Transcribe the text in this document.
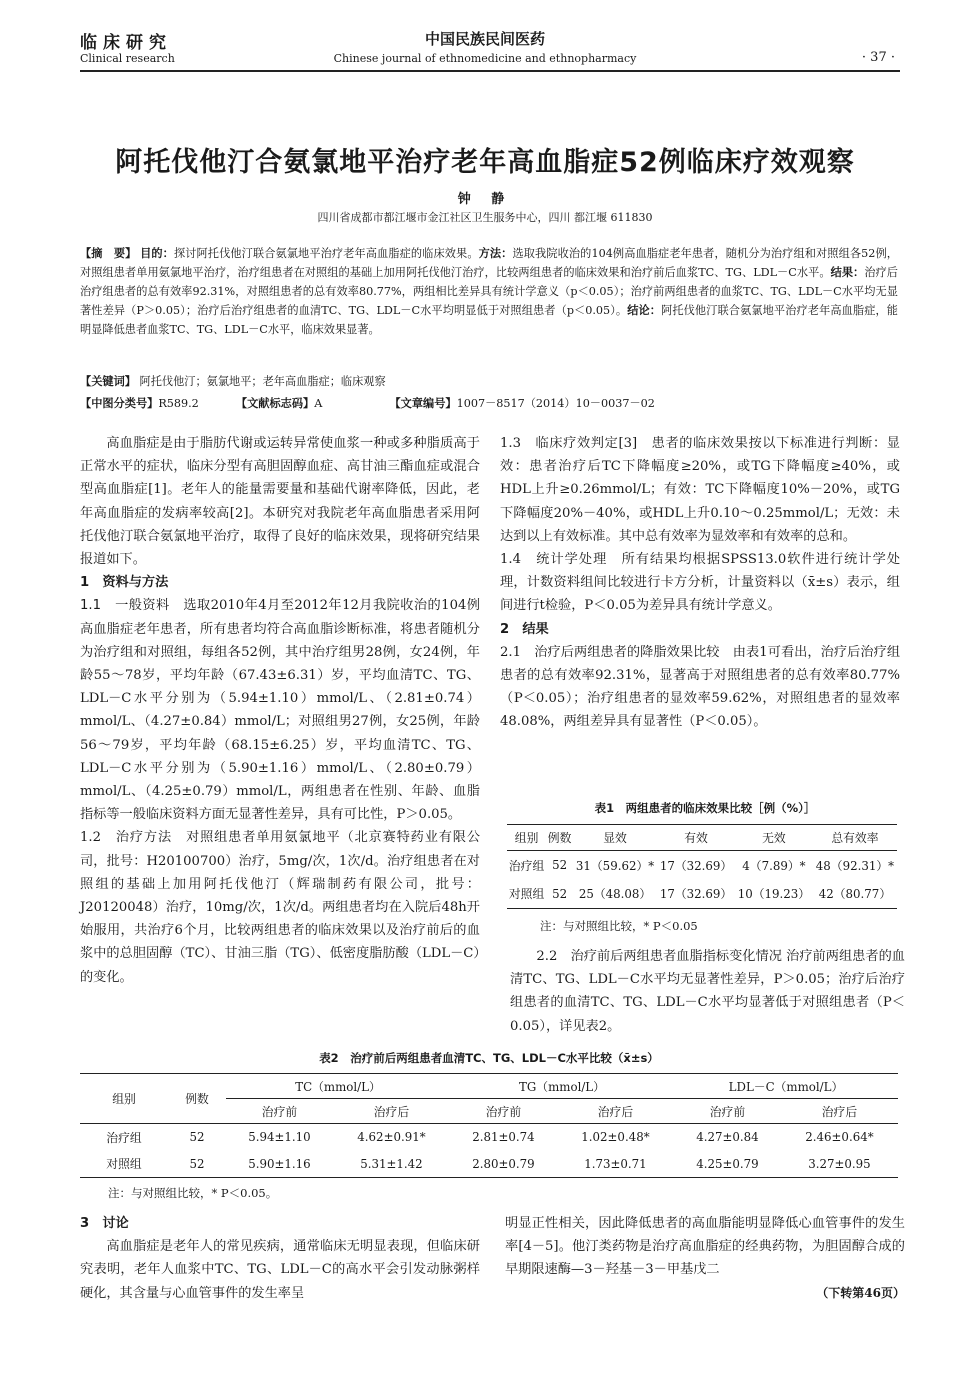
临床研究
Clinical research
中国民族民间医药
Chinese journal of ethnomedicine and ethnopharmacy	· 37 ·
阿托伐他汀合氨氯地平治疗老年高血脂症52例临床疗效观察
钟 静
四川省成都市都江堰市金江社区卫生服务中心，四川 都江堰 611830
【摘　要】 目的：探讨阿托伐他汀联合氨氯地平治疗老年高血脂症的临床效果。方法：选取我院收治的104例高血脂症老年患者，随机分为治疗组和对照组各52例，对照组患者单用氨氯地平治疗，治疗组患者在对照组的基础上加用阿托伐他汀治疗，比较两组患者的临床效果和治疗前后血浆TC、TG、LDL－C水平。结果：治疗后治疗组患者的总有效率92.31%，对照组患者的总有效率80.77%，两组相比差异具有统计学意义（p＜0.05）；治疗前两组患者的血浆TC、TG、LDL－C水平均无显著性差异（P＞0.05）；治疗后治疗组患者的血清TC、TG、LDL－C水平均明显低于对照组患者（p＜0.05）。结论：阿托伐他汀联合氨氯地平治疗老年高血脂症，能明显降低患者血浆TC、TG、LDL－C水平，临床效果显著。
【关键词】 阿托伐他汀；氨氯地平；老年高血脂症；临床观察
【中图分类号】R589.2	【文献标志码】A	【文章编号】1007－8517（2014）10－0037－02

高血脂症是由于脂肪代谢或运转异常使血浆一种或多种脂质高于正常水平的症状，临床分型有高胆固醇血症、高甘油三酯血症或混合型高血脂症[1]。老年人的能量需要量和基础代谢率降低，因此，老年高血脂症的发病率较高[2]。本研究对我院老年高血脂患者采用阿托伐他汀联合氨氯地平治疗，取得了良好的临床效果，现将研究结果报道如下。

1　资料与方法

1.1　一般资料　 选取2010年4月至2012年12月我院收治的104例高血脂症老年患者，所有患者均符合高血脂诊断标准，将患者随机分为治疗组和对照组，每组各52例，其中治疗组男28例，女24例，年龄55～78岁，平均年龄（67.43±6.31）岁，平均血清TC、TG、LDL－C水平分别为（5.94±1.10）mmol/L、（2.81±0.74）mmol/L、（4.27±0.84）mmol/L；对照组男27例，女25例，年龄56～79岁，平均年龄（68.15±6.25）岁，平均血清TC、TG、LDL－C水平分别为（5.90±1.16）mmol/L、（2.80±0.79）mmol/L、（4.25±0.79）mmol/L，两组患者在性别、年龄、血脂指标等一般临床资料方面无显著性差异，具有可比性，P＞0.05。

1.2　治疗方法　 对照组患者单用氨氯地平（北京赛特药业有限公司，批号：H20100700）治疗，5mg/次，1次/d。治疗组患者在对照组的基础上加用阿托伐他汀（辉瑞制药有限公司，批号：J20120048）治疗，10mg/次，1次/d。两组患者均在入院后48h开始服用，共治疗6个月，比较两组患者的临床效果以及治疗前后的血浆中的总胆固醇（TC）、甘油三脂（TG）、低密度脂肪酸（LDL－C）的变化。

1.3　临床疗效判定[3]　 患者的临床效果按以下标准进行判断：显效：患者治疗后TC下降幅度≥20%，或TG下降幅度≥40%，或HDL上升≥0.26mmol/L；有效：TC下降幅度10%－20%，或TG下降幅度20%－40%，或HDL上升0.10～0.25mmol/L；无效：未达到以上有效标准。其中总有效率为显效率和有效率的总和。

1.4　统计学处理　 所有结果均根据SPSS13.0软件进行统计学处理，计数资料组间比较进行卡方分析，计量资料以（x̄±s）表示，组间进行t检验，P＜0.05为差异具有统计学意义。

2　结果

2.1　治疗后两组患者的降脂效果比较　 由表1可看出，治疗后治疗组患者的总有效率92.31%，显著高于对照组患者的总有效率80.77%（P＜0.05）；治疗组患者的显效率59.62%，对照组患者的显效率48.08%，两组差异具有显著性（P＜0.05）。

表1　两组患者的临床效果比较［例（%）］
组别	例数	显效	有效	无效	总有效率
治疗组	52	31（59.62）*	17（32.69）	4（7.89）*	48（92.31）*
对照组	52	25（48.08）	17（32.69）	10（19.23）	42（80.77）
注：与对照组比较，* P＜0.05

2.2　治疗前后两组患者血脂指标变化情况 治疗前两组患者的血清TC、TG、LDL－C水平均无显著性差异，P＞0.05；治疗后治疗组患者的血清TC、TG、LDL－C水平均显著低于对照组患者（P＜0.05），详见表2。

表2　治疗前后两组患者血清TC、TG、LDL－C水平比较（x̄±s）
组别	例数	TC（mmol/L）		TG（mmol/L）		LDL－C（mmol/L）	
		治疗前	治疗后	治疗前	治疗后	治疗前	治疗后
治疗组	52	5.94±1.10	4.62±0.91*	2.81±0.74	1.02±0.48*	4.27±0.84	2.46±0.64*
对照组	52	5.90±1.16	5.31±1.42	2.80±0.79	1.73±0.71	4.25±0.79	3.27±0.95
注：与对照组比较，* P＜0.05。

3　讨论

高血脂症是老年人的常见疾病，通常临床无明显表现，但临床研究表明，老年人血浆中TC、TG、LDL－C的高水平会引发动脉粥样硬化，其含量与心血管事件的发生率呈

明显正性相关，因此降低患者的高血脂能明显降低心血管事件的发生率[4－5]。他汀类药物是治疗高血脂症的经典药物，为胆固醇合成的早期限速酶—3－羟基－3－甲基戊二

（下转第46页）
